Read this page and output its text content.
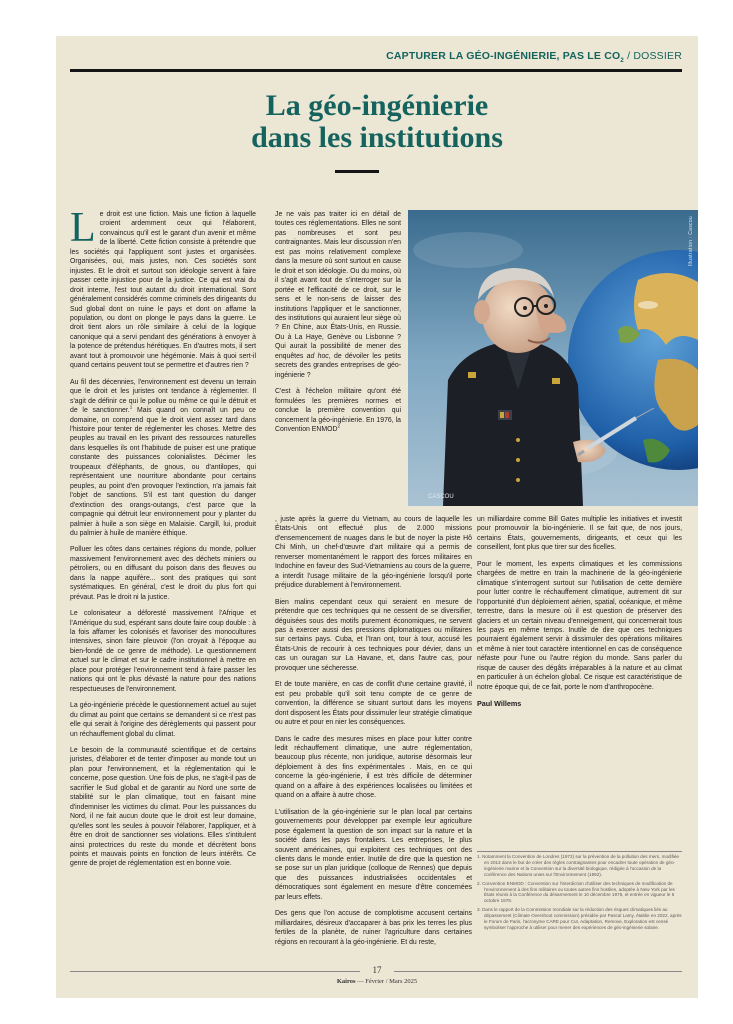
CAPTURER LA GÉO-INGÉNIERIE, PAS LE $CO_2$ / DOSSIER
La géo-ingénierie
dans les institutions

Le droit est une fiction. Mais une fiction à laquelle croient ardemment ceux qui l'élaborent, convaincus qu'il est le garant d'un avenir et même de la liberté. Cette fiction consiste à prétendre que les sociétés qui l'appliquent sont justes et organisées. Organisées, oui, mais justes, non. Ces sociétés sont injustes. Et le droit et surtout son idéologie servent à faire passer cette injustice pour de la justice. Ce qui est vrai du droit interne, l'est tout autant du droit international. Sont généralement considérés comme criminels des dirigeants du Sud global dont on ruine le pays et dont on affame la population, ou dont on plonge le pays dans la guerre. Le droit tient alors un rôle similaire à celui de la logique canonique qui a servi pendant des générations à envoyer à la potence de prétendus hérétiques. En d'autres mots, il sert avant tout à promouvoir une hégémonie. Mais à quoi sert-il quand certains peuvent tout se permettre et d'autres rien ?

Au fil des décennies, l'environnement est devenu un terrain que le droit et les juristes ont tendance à réglementer. Il s'agit de définir ce qui le pollue ou même ce qui le détruit et de le sanctionner.$^1$ Mais quand on connaît un peu ce domaine, on comprend que le droit vient assez tard dans l'histoire pour tenter de réglementer les choses. Mettre des peuples au travail en les privant des ressources naturelles dans lesquelles ils ont l'habitude de puiser est une pratique constante des puissances colonialistes. Décimer les troupeaux d'éléphants, de gnous, ou d'antilopes, qui représentaient une nourriture abondante pour certains peuples, au point d'en provoquer l'extinction, n'a jamais fait l'objet de sanctions. S'il est tant question du danger d'extinction des orangs-outangs, c'est parce que la compagnie qui détruit leur environnement pour y planter du palmier à huile a son siège en Malaisie. Cargill, lui, produit du palmier à huile de manière éthique.

Polluer les côtes dans certaines régions du monde, polluer massivement l'environnement avec des déchets miniers ou pétroliers, ou en diffusant du poison dans des fleuves ou dans la nappe aquifère... sont des pratiques qui sont systématiques. En général, c'est le droit du plus fort qui prévaut. Pas le droit ni la justice.

Le colonisateur a déforesté massivement l'Afrique et l'Amérique du sud, espérant sans doute faire coup double : à la fois affamer les colonisés et favoriser des monocultures intensives, sinon faire pleuvoir (l'on croyait à l'époque au bien-fondé de ce genre de méthode). Le questionnement actuel sur le climat et sur le cadre institutionnel à mettre en place pour protéger l'environnement tend à faire passer les nations qui ont le plus dévasté la nature pour des nations respectueuses de l'environnement.

La géo-ingénierie précède le questionnement actuel au sujet du climat au point que certains se demandent si ce n'est pas elle qui serait à l'origine des dérèglements qui passent pour un réchauffement global du climat.

Le besoin de la communauté scientifique et de certains juristes, d'élaborer et de tenter d'imposer au monde tout un plan pour l'environnement, et la réglementation qui le concerne, pose question. Une fois de plus, ne s'agit-il pas de sacrifier le Sud global et de garantir au Nord une sorte de stabilité sur le plan climatique, tout en faisant mine d'indemniser les victimes du climat. Pour les puissances du Nord, il ne fait aucun doute que le droit est leur domaine, qu'elles sont les seules à pouvoir l'élaborer, l'appliquer, et à être en droit de sanctionner ses violations. Elles s'intitulent ainsi protectrices du reste du monde et décrètent bons points et mauvais points en fonction de leurs intérêts. Ce genre de projet de réglementation est en bonne voie.

Je ne vais pas traiter ici en détail de toutes ces réglementations. Elles ne sont pas nombreuses et sont peu contraignantes. Mais leur discussion n'en est pas moins relativement complexe dans la mesure où sont surtout en cause le droit et son idéologie. Ou du moins, où il s'agit avant tout de s'interroger sur la portée et l'efficacité de ce droit, sur le sens et le non-sens de laisser des institutions l'appliquer et le sanctionner, des institutions qui auraient leur siège où ? En Chine, aux États-Unis, en Russie. Ou à La Haye, Genève ou Lisbonne ? Qui aurait la possibilité de mener des enquêtes ad hoc, de dévoiler les petits secrets des grandes entreprises de géo-ingénierie ?

C'est à l'échelon militaire qu'ont été formulées les premières normes et conclue la première convention qui concernent la géo-ingénierie. En 1976, la Convention ENMOD$^2$

, juste après la guerre du Vietnam, au cours de laquelle les États-Unis ont effectué plus de 2.000 missions d'ensemencement de nuages dans le but de noyer la piste Hô Chi Minh, un chef-d'œuvre d'art militaire qui a permis de renverser momentanément le rapport des forces militaires en Indochine en faveur des Sud-Vietnamiens au cours de la guerre, a interdit l'usage militaire de la géo-ingénierie lorsqu'il porte préjudice durablement à l'environnement.

Bien malins cependant ceux qui seraient en mesure de prétendre que ces techniques qui ne cessent de se diversifier, déguisées sous des motifs purement économiques, ne servent pas à exercer aussi des pressions diplomatiques ou militaires sur certains pays. Cuba, et l'Iran ont, tour à tour, accusé les États-Unis de recourir à ces techniques pour dévier, dans un cas un ouragan sur La Havane, et, dans l'autre cas, pour provoquer une sécheresse.

Et de toute manière, en cas de conflit d'une certaine gravité, il est peu probable qu'il soit tenu compte de ce genre de convention, la différence se situant surtout dans les moyens dont disposent les États pour dissimuler leur stratégie climatique ou autre et pour en nier les conséquences.

Dans le cadre des mesures mises en place pour lutter contre ledit réchauffement climatique, une autre réglementation, beaucoup plus récente, non juridique, autorise désormais leur déploiement à des fins expérimentales . Mais, en ce qui concerne la géo-ingénierie, il est très difficile de déterminer quand on a affaire à des expériences localisées ou limitées et quand on a affaire à autre chose.

L'utilisation de la géo-ingénierie sur le plan local par certains gouvernements pour développer par exemple leur agriculture pose également la question de son impact sur la nature et la société dans les pays frontaliers. Les entreprises, le plus souvent américaines, qui exploitent ces techniques ont des clients dans le monde entier. Inutile de dire que la question ne se pose sur un plan juridique (colloque de Rennes) que depuis que des puissances industrialisées occidentales et démocratiques sont également en mesure d'être concernées par leurs effets.

Des gens que l'on accuse de complotisme accusent certains milliardaires, désireux d'accaparer à bas prix les terres les plus fertiles de la planète, de ruiner l'agriculture dans certaines régions en recourant à la géo-ingénierie. Et du reste,

un milliardaire comme Bill Gates multiplie les initiatives et investit pour promouvoir la bio-ingénierie. Il se fait que, de nos jours, certains États, gouvernements, dirigeants, et ceux qui les conseillent, font plus que tirer sur des ficelles.

Pour le moment, les experts climatiques et les commissions chargées de mettre en train la machinerie de la géo-ingénierie climatique s'interrogent surtout sur l'utilisation de cette dernière pour lutter contre le réchauffement climatique, autrement dit sur l'opportunité d'un déploiement aérien, spatial, océanique, et même terrestre, dans la mesure où il est question de préserver des glaciers et un certain niveau d'enneigement, qui concernerait tous les pays en même temps. Inutile de dire que ces techniques pourraient également servir à dissimuler des opérations militaires et même à nier tout caractère intentionnel en cas de conséquence néfaste pour l'une ou l'autre région du monde. Sans parler du risque de causer des dégâts irréparables à la nature et au climat en particulier à un échelon global. Ce risque est caractéristique de notre époque qui, de ce fait, porte le nom d'anthropocène.

Paul Willems

CASCOU
Illustration : Cascou

1. Notamment la Convention de Londres (1972) sur la prévention de la pollution des mers, modifiée en 2013 dans le but de créer des règles contraignantes pour encadrer toute opération de géo-ingénierie marine et la Convention sur la diversité biologique, rédigée à l'occasion de la conférence des Nations unies sur l'Environnement (1992).

2. Convention ENMOD : Convention sur l'interdiction d'utiliser des techniques de modification de l'environnement à des fins militaires ou toutes autres fins hostiles, adoptée à New York par les États réunis à la Conférence du désarmement le 10 décembre 1976, et entrée en vigueur le 5 octobre 1978.

3. Dans le rapport de la Commission mondiale sur la réduction des risques climatiques liés au dépassement (Climate Overshoot commission) présidée par Pascal Lamy, établie en 2022, après le Forum de Paris, l'acronyme CARE pour Cut, Adaptation, Remove, Exploration est censé symboliser l'approche à utiliser pour mener des expériences de géo-ingénierie solaire.

17
Kairos — Février / Mars 2025
